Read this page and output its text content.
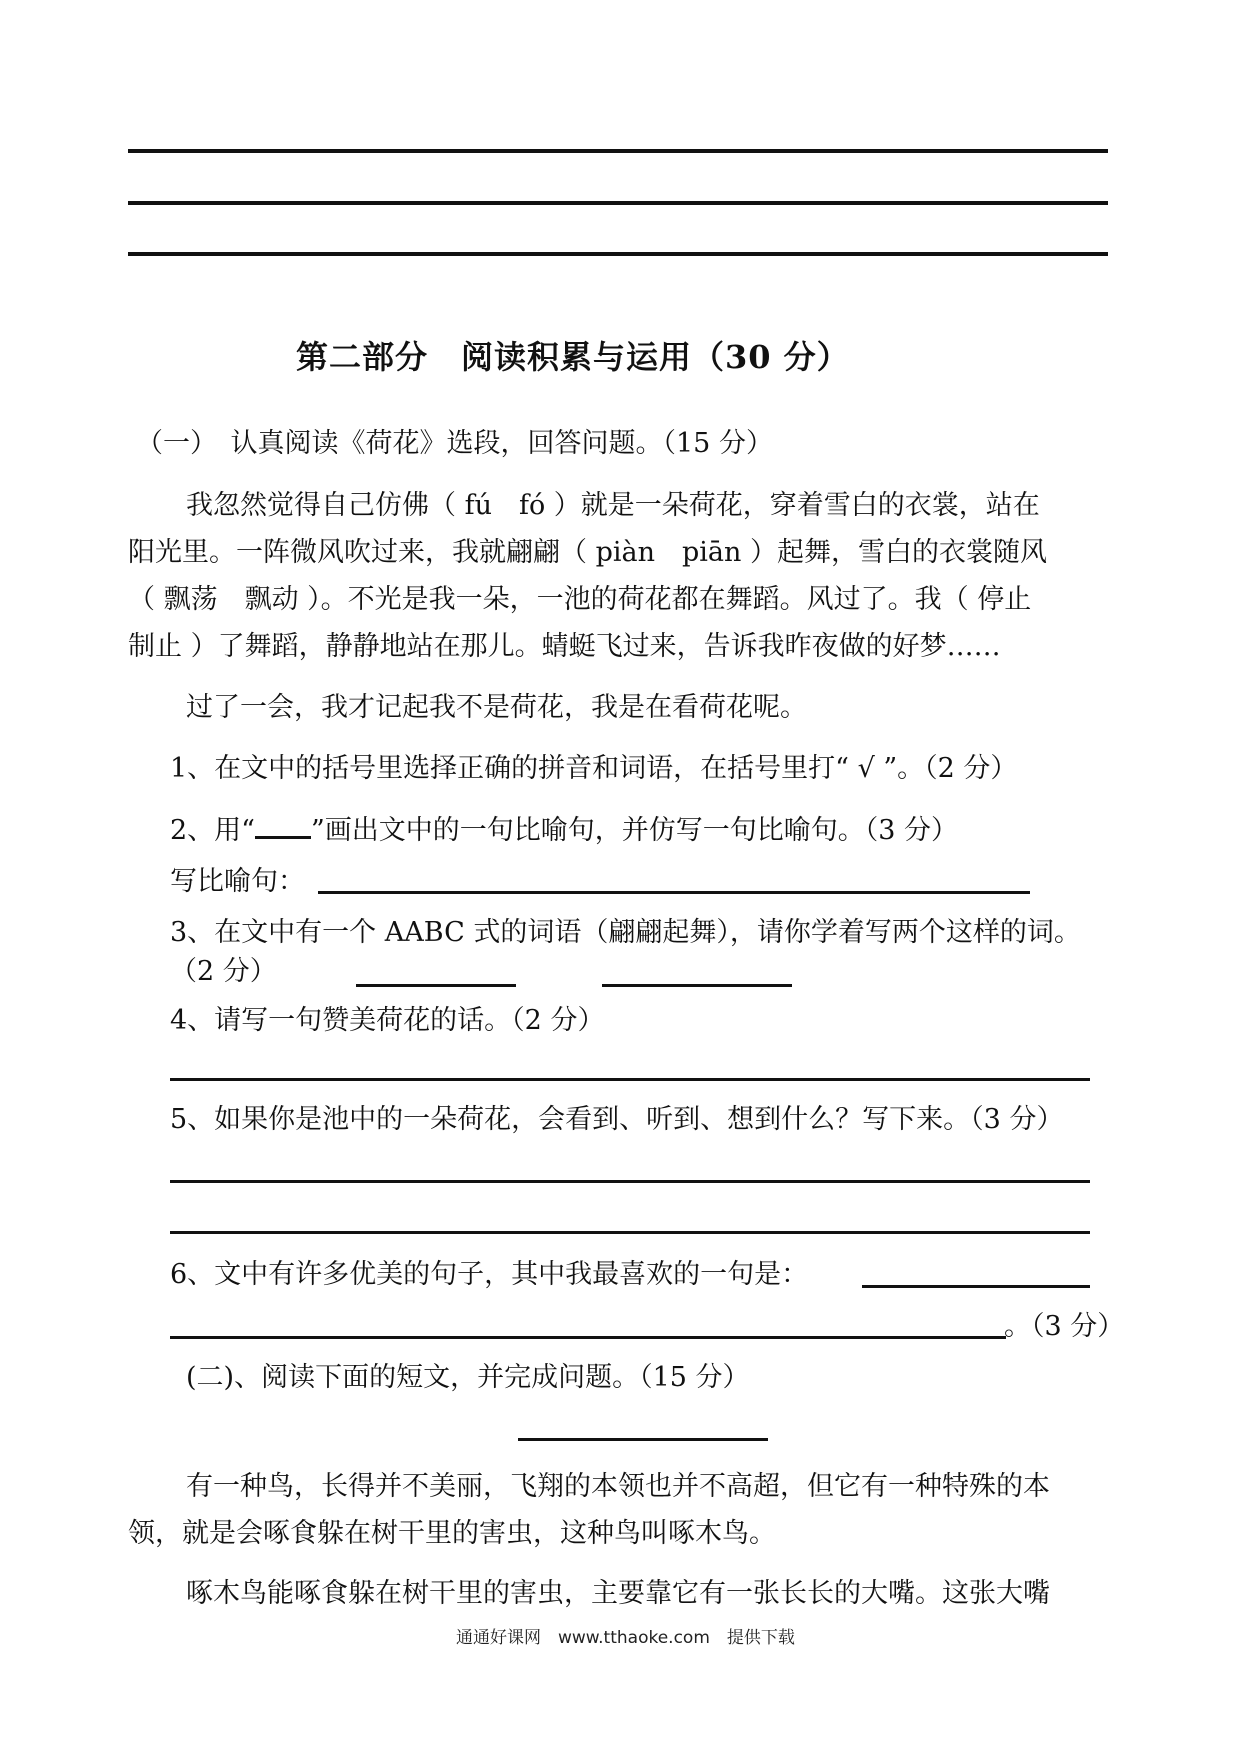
第二部分　阅读积累与运用（30 分）
（一）　认真阅读《荷花》选段，回答问题。（15 分）
我忽然觉得自己仿佛（ fú　fó ）就是一朵荷花，穿着雪白的衣裳，站在
阳光里。一阵微风吹过来，我就翩翩（ piàn　piān ）起舞，雪白的衣裳随风
（ 飘荡　飘动 ）。不光是我一朵，一池的荷花都在舞蹈。风过了。我（ 停止
制止 ）了舞蹈，静静地站在那儿。蜻蜓飞过来，告诉我昨夜做的好梦……
过了一会，我才记起我不是荷花，我是在看荷花呢。
1、在文中的括号里选择正确的拼音和词语，在括号里打“ √ ”。（2 分）
2、用“ ”画出文中的一句比喻句，并仿写一句比喻句。（3 分）
写比喻句：
3、在文中有一个 AABC 式的词语（翩翩起舞），请你学着写两个这样的词。
（2 分）
4、请写一句赞美荷花的话。（2 分）
5、如果你是池中的一朵荷花，会看到、听到、想到什么？写下来。（3 分）
6、文中有许多优美的句子，其中我最喜欢的一句是：
。（3 分）
(二)、阅读下面的短文，并完成问题。（15 分）
有一种鸟，长得并不美丽，飞翔的本领也并不高超，但它有一种特殊的本
领，就是会啄食躲在树干里的害虫，这种鸟叫啄木鸟。
啄木鸟能啄食躲在树干里的害虫，主要靠它有一张长长的大嘴。这张大嘴
通通好课网　www.tthaoke.com　提供下载
